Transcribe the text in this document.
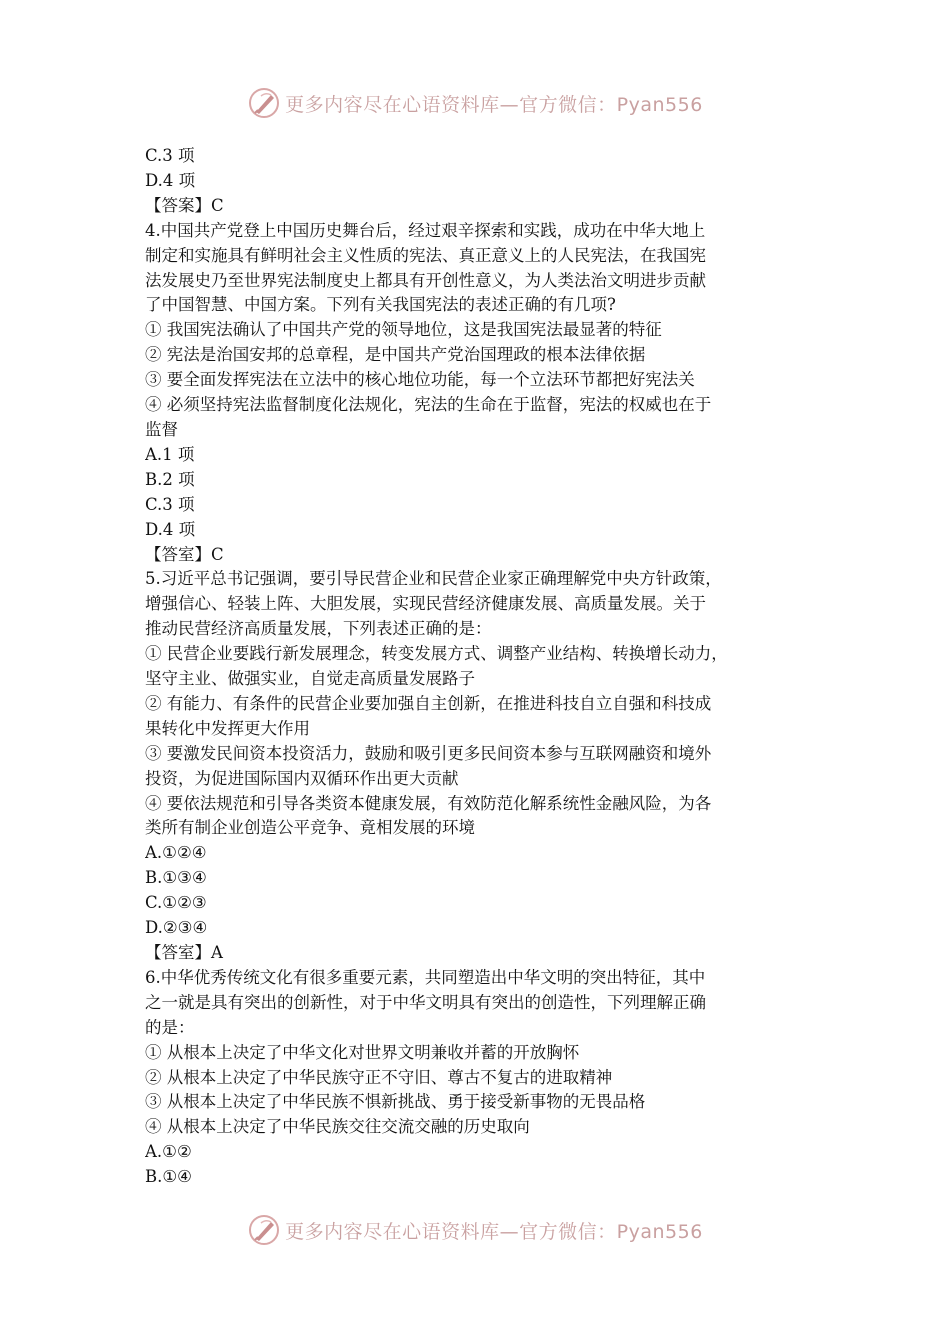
更多内容尽在心语资料库—官方微信：Pyan556
C.3 项
D.4 项
【答案】C
4.中国共产党登上中国历史舞台后，经过艰辛探索和实践，成功在中华大地上
制定和实施具有鲜明社会主义性质的宪法、真正意义上的人民宪法，在我国宪
法发展史乃至世界宪法制度史上都具有开创性意义，为人类法治文明进步贡献
了中国智慧、中国方案。下列有关我国宪法的表述正确的有几项?
① 我国宪法确认了中国共产党的领导地位，这是我国宪法最显著的特征
② 宪法是治国安邦的总章程，是中国共产党治国理政的根本法律依据
③ 要全面发挥宪法在立法中的核心地位功能，每一个立法环节都把好宪法关
④ 必须坚持宪法监督制度化法规化，宪法的生命在于监督，宪法的权威也在于
监督
A.1 项
B.2 项
C.3 项
D.4 项
【答室】C
5.习近平总书记强调，要引导民营企业和民营企业家正确理解党中央方针政策，
增强信心、轻装上阵、大胆发展，实现民营经济健康发展、高质量发展。关于
推动民营经济高质量发展，下列表述正确的是：
① 民营企业要践行新发展理念，转变发展方式、调整产业结构、转换增长动力，
坚守主业、做强实业，自觉走高质量发展路子
② 有能力、有条件的民营企业要加强自主创新，在推进科技自立自强和科技成
果转化中发挥更大作用
③ 要激发民间资本投资活力，鼓励和吸引更多民间资本参与互联网融资和境外
投资，为促进国际国内双循环作出更大贡献
④ 要依法规范和引导各类资本健康发展，有效防范化解系统性金融风险，为各
类所有制企业创造公平竞争、竟相发展的环境
A.①②④
B.①③④
C.①②③
D.②③④
【答室】A
6.中华优秀传统文化有很多重要元素，共同塑造出中华文明的突出特征，其中
之一就是具有突出的创新性，对于中华文明具有突出的创造性，下列理解正确
的是：
① 从根本上决定了中华文化对世界文明兼收并蓄的开放胸怀
② 从根本上决定了中华民族守正不守旧、尊古不复古的进取精神
③ 从根本上决定了中华民族不惧新挑战、勇于接受新事物的无畏品格
④ 从根本上决定了中华民族交往交流交融的历史取向
A.①②
B.①④
更多内容尽在心语资料库—官方微信：Pyan556
